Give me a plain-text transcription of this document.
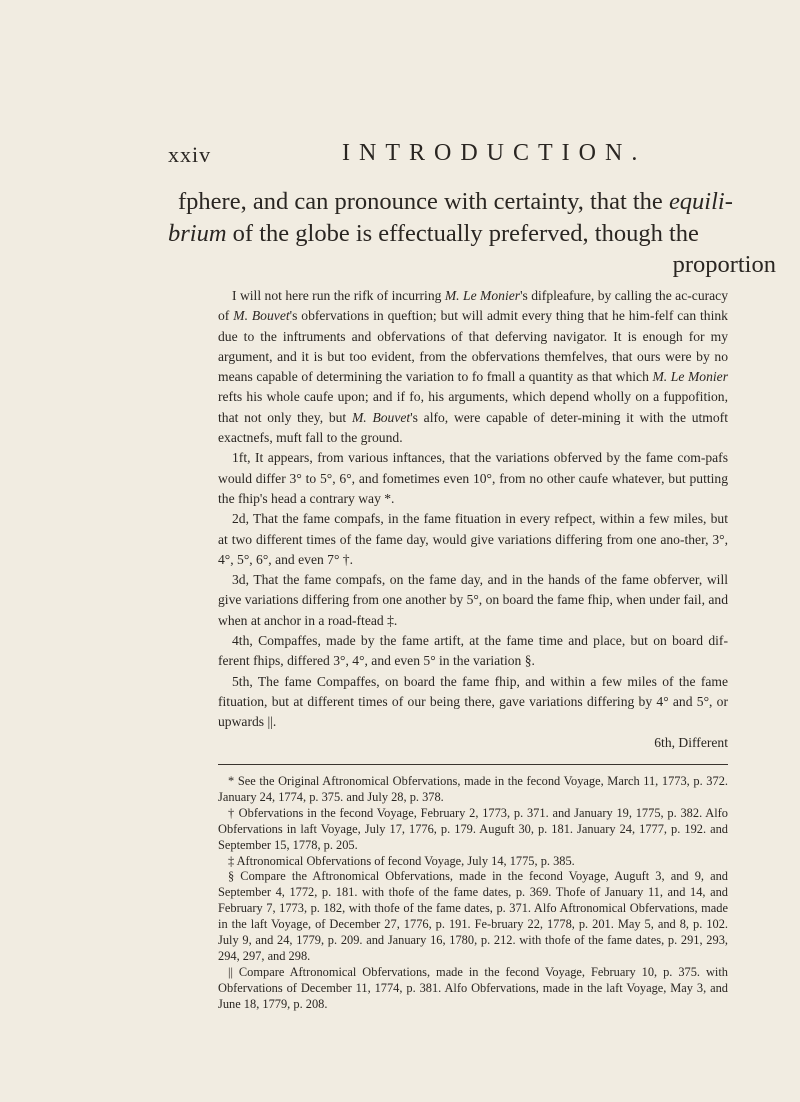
xxiv	INTRODUCTION.
fphere, and can pronounce with certainty, that the equili-
brium of the globe is effectually preferved, though the
proportion

I will not here run the rifk of incurring M. Le Monier's difpleafure, by calling the ac-curacy of M. Bouvet's obfervations in queftion; but will admit every thing that he him-felf can think due to the inftruments and obfervations of that deferving navigator. It is enough for my argument, and it is but too evident, from the obfervations themfelves, that ours were by no means capable of determining the variation to fo fmall a quantity as that which M. Le Monier refts his whole caufe upon; and if fo, his arguments, which depend wholly on a fuppofition, that not only they, but M. Bouvet's alfo, were capable of deter-mining it with the utmoft exactnefs, muft fall to the ground.

1ft, It appears, from various inftances, that the variations obferved by the fame com-pafs would differ 3° to 5°, 6°, and fometimes even 10°, from no other caufe whatever, but putting the fhip's head a contrary way *.

2d, That the fame compafs, in the fame fituation in every refpect, within a few miles, but at two different times of the fame day, would give variations differing from one ano-ther, 3°, 4°, 5°, 6°, and even 7° †.

3d, That the fame compafs, on the fame day, and in the hands of the fame obferver, will give variations differing from one another by 5°, on board the fame fhip, when under fail, and when at anchor in a road-ftead ‡.

4th, Compaffes, made by the fame artift, at the fame time and place, but on board dif-ferent fhips, differed 3°, 4°, and even 5° in the variation §.

5th, The fame Compaffes, on board the fame fhip, and within a few miles of the fame fituation, but at different times of our being there, gave variations differing by 4° and 5°, or upwards ||.

6th, Different

* See the Original Aftronomical Obfervations, made in the fecond Voyage, March 11, 1773, p. 372. January 24, 1774, p. 375. and July 28, p. 378.

† Obfervations in the fecond Voyage, February 2, 1773, p. 371. and January 19, 1775, p. 382. Alfo Obfervations in laft Voyage, July 17, 1776, p. 179. Auguft 30, p. 181. January 24, 1777, p. 192. and September 15, 1778, p. 205.

‡ Aftronomical Obfervations of fecond Voyage, July 14, 1775, p. 385.

§ Compare the Aftronomical Obfervations, made in the fecond Voyage, Auguft 3, and 9, and September 4, 1772, p. 181. with thofe of the fame dates, p. 369. Thofe of January 11, and 14, and February 7, 1773, p. 182, with thofe of the fame dates, p. 371. Alfo Aftronomical Obfervations, made in the laft Voyage, of December 27, 1776, p. 191. Fe-bruary 22, 1778, p. 201. May 5, and 8, p. 102. July 9, and 24, 1779, p. 209. and January 16, 1780, p. 212. with thofe of the fame dates, p. 291, 293, 294, 297, and 298.

|| Compare Aftronomical Obfervations, made in the fecond Voyage, February 10, p. 375. with Obfervations of December 11, 1774, p. 381. Alfo Obfervations, made in the laft Voyage, May 3, and June 18, 1779, p. 208.
